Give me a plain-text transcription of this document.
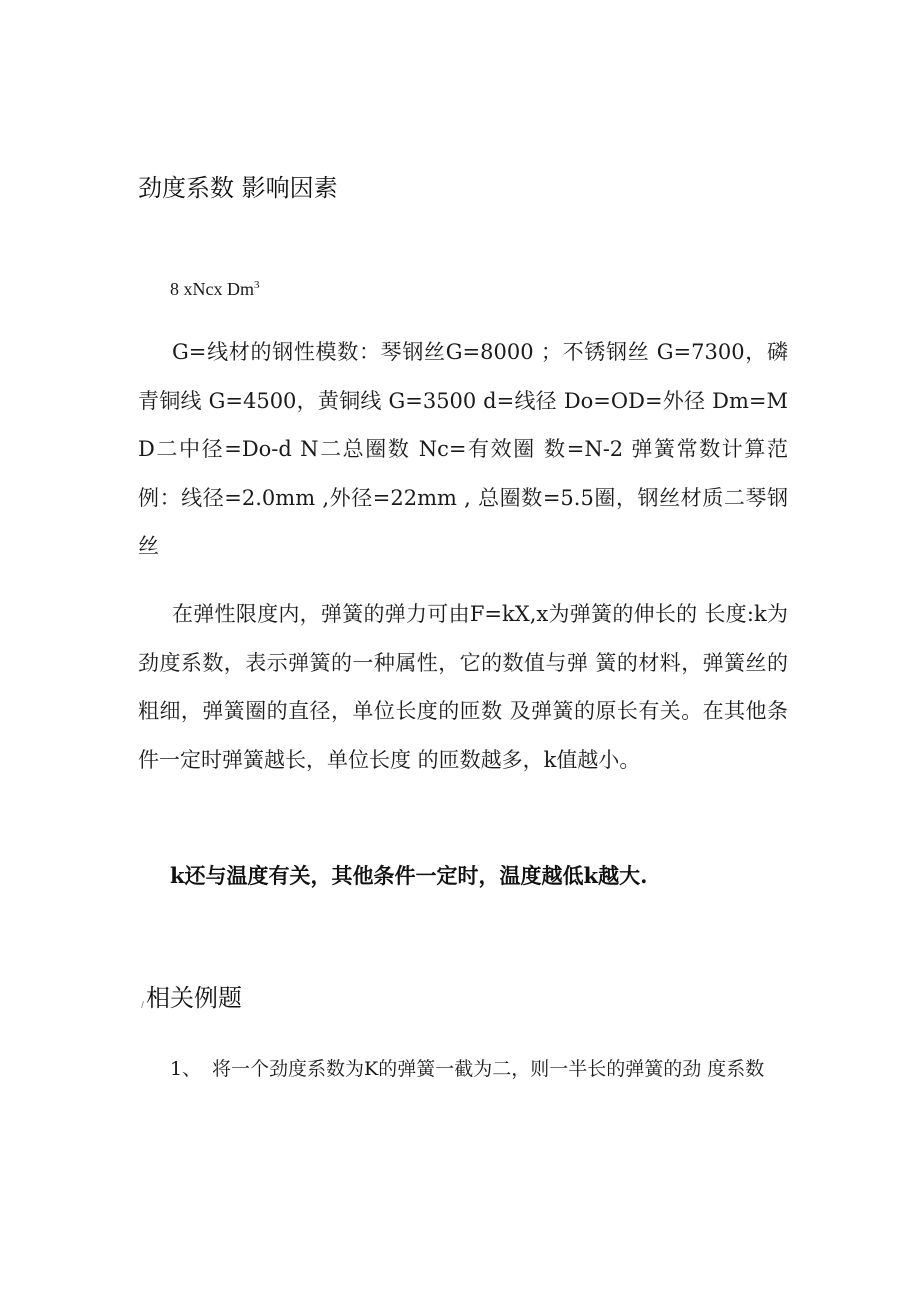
劲度系数 影响因素
8 xNcx Dm$^3$
G=线材的钢性模数：琴钢丝G=8000 ；不锈钢丝 G=7300，磷青铜线 G=4500，黄铜线 G=3500 d=线径 Do=OD=外径 Dm=MD二中径=Do-d N二总圈数 Nc=有效圈 数=N-2 弹簧常数计算范例：线径=2.0mm ,外径=22mm , 总圈数=5.5圈，钢丝材质二琴钢丝
在弹性限度内，弹簧的弹力可由F=kX,x为弹簧的伸长的 长度:k为劲度系数，表示弹簧的一种属性，它的数值与弹 簧的材料，弹簧丝的粗细，弹簧圈的直径，单位长度的匝数 及弹簧的原长有关。在其他条件一定时弹簧越长，单位长度 的匝数越多，k值越小。
k还与温度有关，其他条件一定时，温度越低k越大.
相关例题
1、 将一个劲度系数为K的弹簧一截为二，则一半长的弹簧的劲 度系数
